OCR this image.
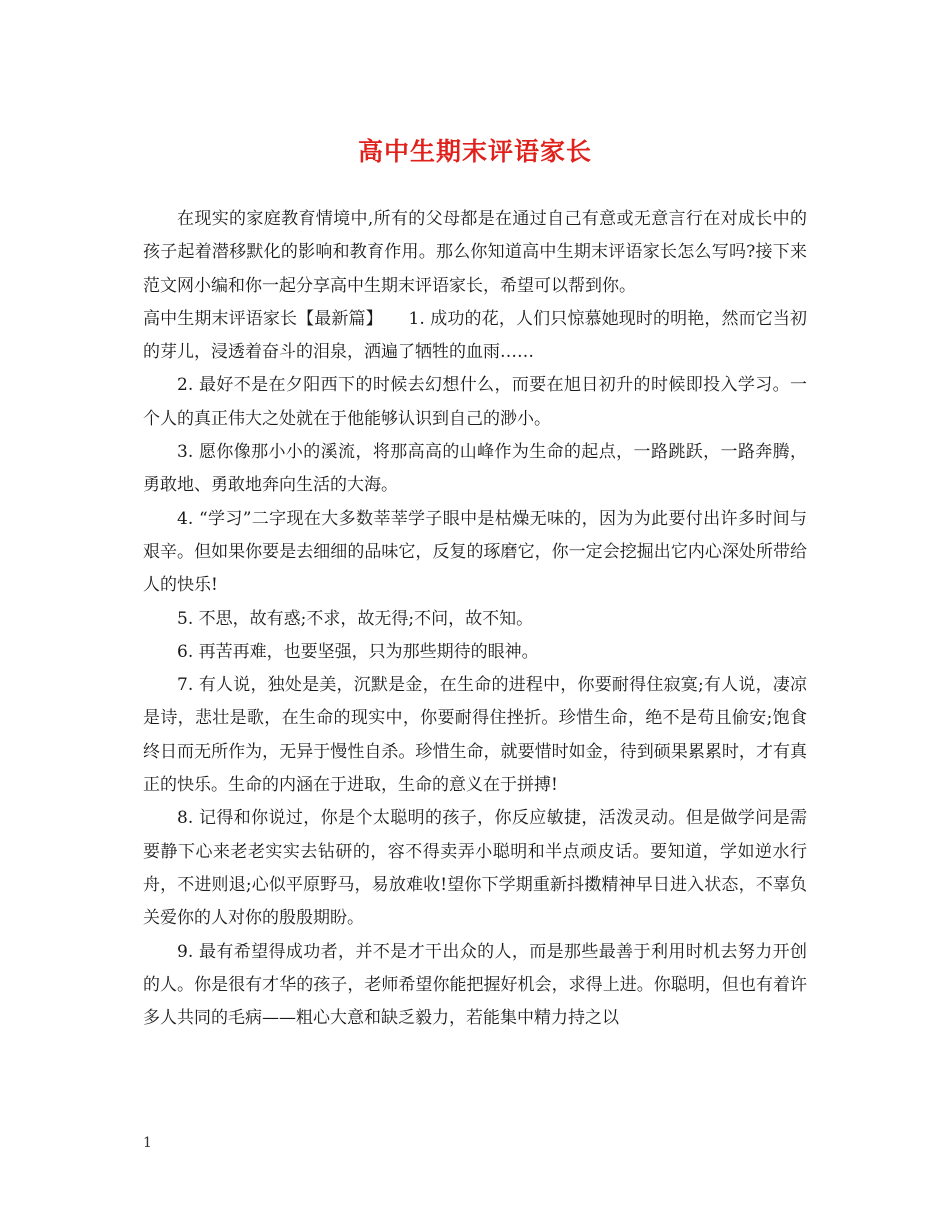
高中生期末评语家长

在现实的家庭教育情境中,所有的父母都是在通过自己有意或无意言行在对成长中的孩子起着潜移默化的影响和教育作用。那么你知道高中生期末评语家长怎么写吗?接下来范文网小编和你一起分享高中生期末评语家长，希望可以帮到你。

高中生期末评语家长【最新篇】　　1. 成功的花，人们只惊慕她现时的明艳，然而它当初的芽儿，浸透着奋斗的泪泉，洒遍了牺牲的血雨……

2. 最好不是在夕阳西下的时候去幻想什么，而要在旭日初升的时候即投入学习。一个人的真正伟大之处就在于他能够认识到自己的渺小。

3. 愿你像那小小的溪流，将那高高的山峰作为生命的起点，一路跳跃，一路奔腾，勇敢地、勇敢地奔向生活的大海。

4. “学习”二字现在大多数莘莘学子眼中是枯燥无味的，因为为此要付出许多时间与艰辛。但如果你要是去细细的品味它，反复的琢磨它，你一定会挖掘出它内心深处所带给人的快乐!

5. 不思，故有惑;不求，故无得;不问，故不知。

6. 再苦再难，也要坚强，只为那些期待的眼神。

7. 有人说，独处是美，沉默是金，在生命的进程中，你要耐得住寂寞;有人说，凄凉是诗，悲壮是歌，在生命的现实中，你要耐得住挫折。珍惜生命，绝不是苟且偷安;饱食终日而无所作为，无异于慢性自杀。珍惜生命，就要惜时如金，待到硕果累累时，才有真正的快乐。生命的内涵在于进取，生命的意义在于拼搏!

8. 记得和你说过，你是个太聪明的孩子，你反应敏捷，活泼灵动。但是做学问是需要静下心来老老实实去钻研的，容不得卖弄小聪明和半点顽皮话。要知道，学如逆水行舟，不进则退;心似平原野马，易放难收!望你下学期重新抖擞精神早日进入状态，不辜负关爱你的人对你的殷殷期盼。

9. 最有希望得成功者，并不是才干出众的人，而是那些最善于利用时机去努力开创的人。你是很有才华的孩子，老师希望你能把握好机会，求得上进。你聪明，但也有着许多人共同的毛病——粗心大意和缺乏毅力，若能集中精力持之以

1
